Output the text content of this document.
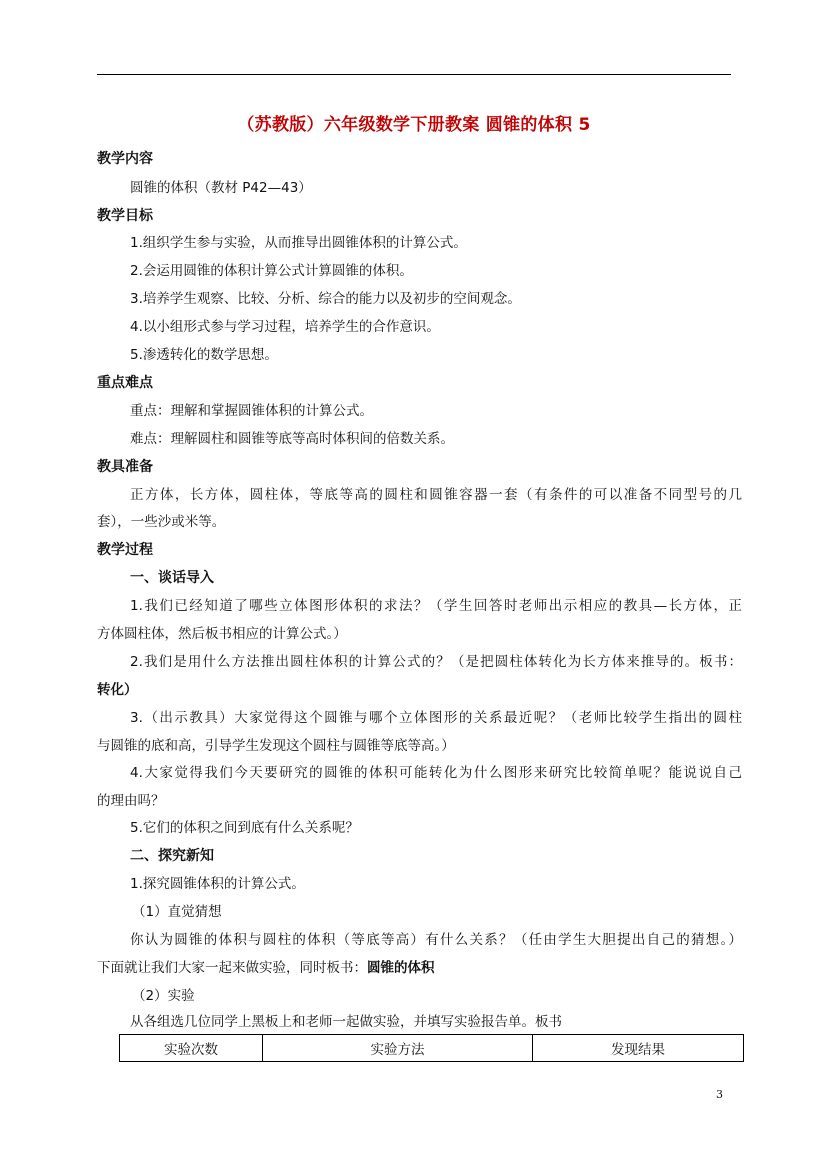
（苏教版）六年级数学下册教案 圆锥的体积 5
教学内容
圆锥的体积（教材 P42—43）
教学目标
1.组织学生参与实验，从而推导出圆锥体积的计算公式。
2.会运用圆锥的体积计算公式计算圆锥的体积。
3.培养学生观察、比较、分析、综合的能力以及初步的空间观念。
4.以小组形式参与学习过程，培养学生的合作意识。
5.渗透转化的数学思想。
重点难点
重点：理解和掌握圆锥体积的计算公式。
难点：理解圆柱和圆锥等底等高时体积间的倍数关系。
教具准备
正方体，长方体，圆柱体，等底等高的圆柱和圆锥容器一套（有条件的可以准备不同型号的几
套），一些沙或米等。
教学过程
一、谈话导入
1.我们已经知道了哪些立体图形体积的求法？（学生回答时老师出示相应的教具—长方体，正
方体圆柱体，然后板书相应的计算公式。）
2.我们是用什么方法推出圆柱体积的计算公式的？（是把圆柱体转化为长方体来推导的。板书：
转化）
3.（出示教具）大家觉得这个圆锥与哪个立体图形的关系最近呢？（老师比较学生指出的圆柱
与圆锥的底和高，引导学生发现这个圆柱与圆锥等底等高。）
4.大家觉得我们今天要研究的圆锥的体积可能转化为什么图形来研究比较简单呢？能说说自己
的理由吗？
5.它们的体积之间到底有什么关系呢？
二、探究新知
1.探究圆锥体积的计算公式。
（1）直觉猜想
你认为圆锥的体积与圆柱的体积（等底等高）有什么关系？（任由学生大胆提出自己的猜想。）
下面就让我们大家一起来做实验，同时板书：圆锥的体积
（2）实验
从各组选几位同学上黑板上和老师一起做实验，并填写实验报告单。板书
实验次数	实验方法	发现结果
3
